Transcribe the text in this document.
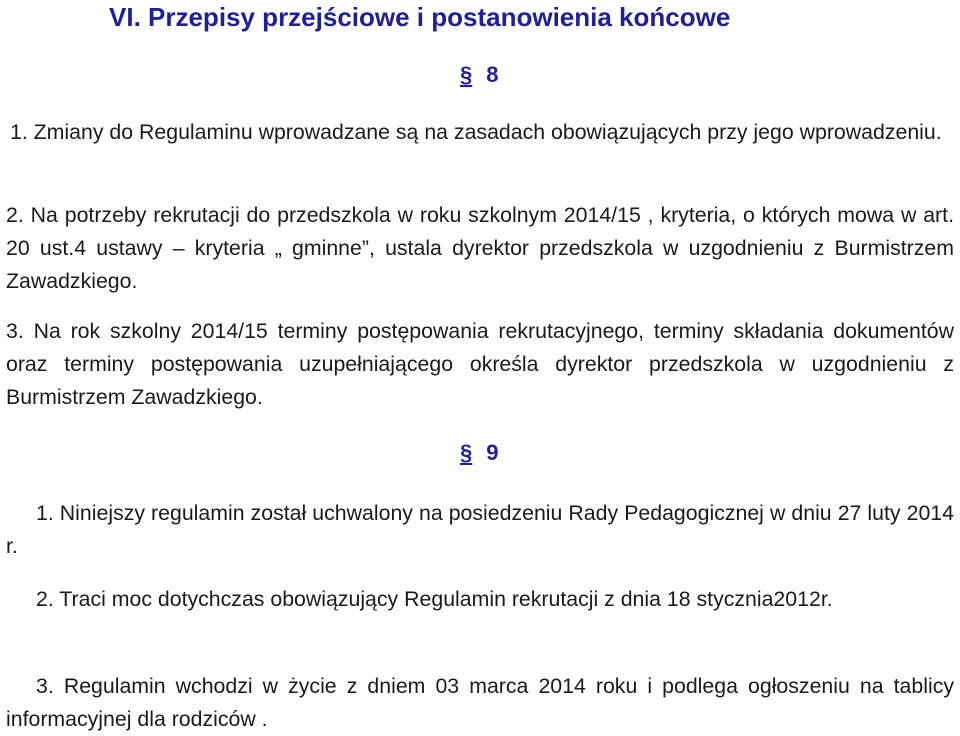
VI. Przepisy przejściowe i postanowienia końcowe
§ 8

1. Zmiany do Regulaminu wprowadzane są na zasadach obowiązujących przy jego wprowadzeniu.

2. Na potrzeby rekrutacji do przedszkola w roku szkolnym 2014/15 , kryteria, o których mowa w art. 20 ust.4 ustawy – kryteria „ gminne”, ustala dyrektor przedszkola w uzgodnieniu z Burmistrzem Zawadzkiego.

3. Na rok szkolny 2014/15 terminy postępowania rekrutacyjnego, terminy składania dokumentów oraz terminy postępowania uzupełniającego określa dyrektor przedszkola w uzgodnieniu z Burmistrzem Zawadzkiego.

§ 9

1. Niniejszy regulamin został uchwalony na posiedzeniu Rady Pedagogicznej w dniu 27 luty 2014 r.

2. Traci moc dotychczas obowiązujący Regulamin rekrutacji z dnia 18 stycznia2012r.

3. Regulamin wchodzi w życie z dniem 03 marca 2014 roku i podlega ogłoszeniu na tablicy informacyjnej dla rodziców .
